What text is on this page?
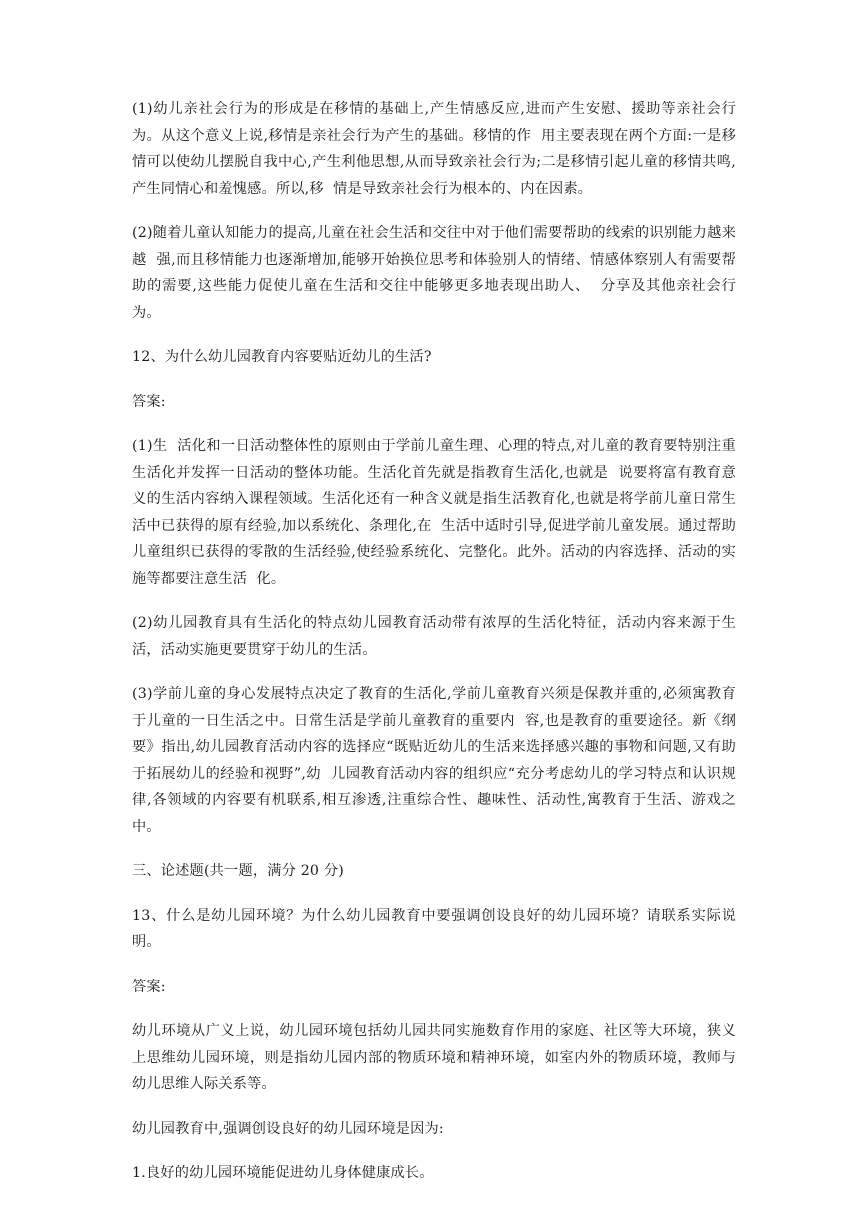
(1)幼儿亲社会行为的形成是在移情的基础上,产生情感反应,进而产生安慰、援助等亲社会行为。从这个意义上说,移情是亲社会行为产生的基础。移情的作  用主要表现在两个方面:一是移情可以使幼儿摆脱自我中心,产生利他思想,从而导致亲社会行为;二是移情引起儿童的移情共鸣,产生同情心和羞愧感。所以,移  情是导致亲社会行为根本的、内在因素。

(2)随着儿童认知能力的提高,儿童在社会生活和交往中对于他们需要帮助的线索的识别能力越来越  强,而且移情能力也逐渐增加,能够开始换位思考和体验别人的情绪、情感体察别人有需要帮助的需要,这些能力促使儿童在生活和交往中能够更多地表现出助人、  分享及其他亲社会行为。

12、为什么幼儿园教育内容要贴近幼儿的生活?

答案:

(1)生  活化和一日活动整体性的原则由于学前儿童生理、心理的特点,对儿童的教育要特别注重生活化并发挥一日活动的整体功能。生活化首先就是指教育生活化,也就是  说要将富有教育意义的生活内容纳入课程领域。生活化还有一种含义就是指生活教育化,也就是将学前儿童日常生活中已获得的原有经验,加以系统化、条理化,在  生活中适时引导,促进学前儿童发展。通过帮助儿童组织已获得的零散的生活经验,使经验系统化、完整化。此外。活动的内容选择、活动的实施等都要注意生活  化。

(2)幼儿园教育具有生活化的特点幼儿园教育活动带有浓厚的生活化特征，活动内容来源于生活，活动实施更要贯穿于幼儿的生活。

(3)学前儿童的身心发展特点决定了教育的生活化,学前儿童教育兴须是保教并重的,必须寓教育于儿童的一日生活之中。日常生活是学前儿童教育的重要内  容,也是教育的重要途径。新《纲要》指出,幼儿园教育活动内容的选择应“既贴近幼儿的生活来选择感兴趣的事物和问题,又有助于拓展幼儿的经验和视野”,幼  儿园教育活动内容的组织应“充分考虑幼儿的学习特点和认识规律,各领域的内容要有机联系,相互渗透,注重综合性、趣味性、活动性,寓教育于生活、游戏之  中。

三、论述题(共一题，满分 20 分)

13、什么是幼儿园环境？为什么幼儿园教育中要强调创设良好的幼儿园环境？请联系实际说明。

答案:

幼儿环境从广义上说，幼儿园环境包括幼儿园共同实施数育作用的家庭、社区等大环境，狭义上思维幼儿园环境，则是指幼儿园内部的物质环境和精神环境，如室内外的物质环境，教师与幼儿思维人际关系等。

幼儿园教育中,强调创设良好的幼儿园环境是因为:

1.良好的幼儿园环境能促进幼儿身体健康成长。
